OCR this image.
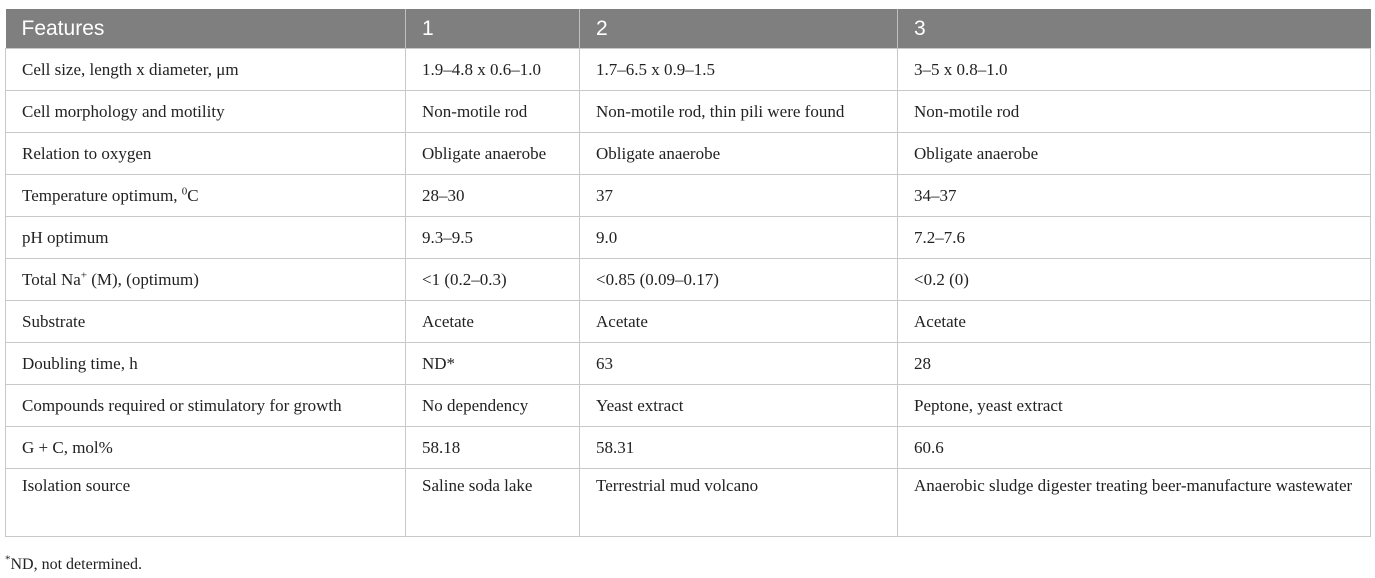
Features	1	2	3
Cell size, length x diameter, μm	1.9–4.8 x 0.6–1.0	1.7–6.5 x 0.9–1.5	3–5 x 0.8–1.0
Cell morphology and motility	Non-motile rod	Non-motile rod, thin pili were found	Non-motile rod
Relation to oxygen	Obligate anaerobe	Obligate anaerobe	Obligate anaerobe
Temperature optimum, $^0$C	28–30	37	34–37
pH optimum	9.3–9.5	9.0	7.2–7.6
Total Na+ (M), (optimum)	<1 (0.2–0.3)	<0.85 (0.09–0.17)	<0.2 (0)
Substrate	Acetate	Acetate	Acetate
Doubling time, h	ND*	63	28
Compounds required or stimulatory for growth	No dependency	Yeast extract	Peptone, yeast extract
G + C, mol%	58.18	58.31	60.6
Isolation source	Saline soda lake	Terrestrial mud volcano	Anaerobic sludge digester treating beer-manufacture wastewater
*ND, not determined.
